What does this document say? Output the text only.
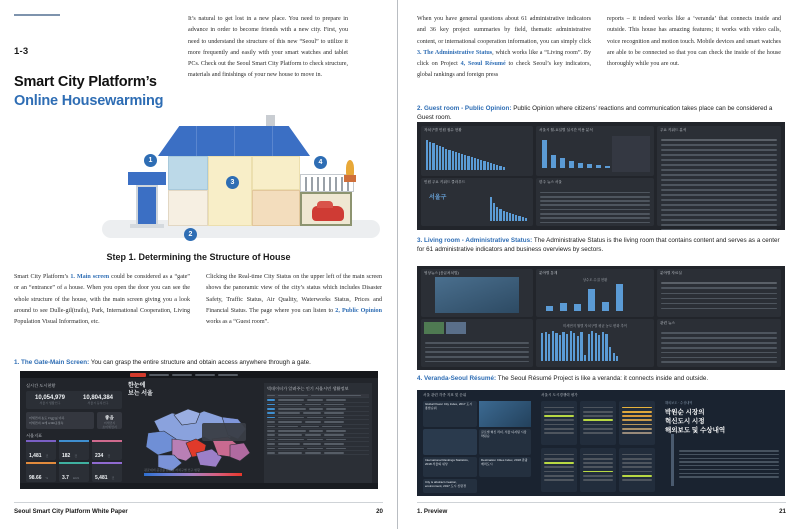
1-3
Smart City Platform’s
Online Housewarming
It’s natural to get lost in a new place. You need to prepare in advance in order to become friends with a new city. First, you need to understand the structure of this new “Seoul” to utilize it more frequently and easily with your smart watches and tablet PCs. Check out the Seoul Smart City Platform to check structure, materials and finishings of your new house to move in.
1
2
3
4
Step 1. Determining the Structure of House
Smart City Platform’s 1. Main screen could be considered as a “gate” or an “entrance” of a house. When you open the door you can see the whole structure of the house, with the main screen giving you a look around to see Dulle-gil(trails), Park, International Cooperation, Living Population Visual Information, etc.
Clicking the Real-time City Status on the upper left of the main screen shows the panoramic view of the city’s status which includes Disaster Safety, Traffic Status, Air Quality, Waterworks Status, Prices and Financial Status. The page where you can listen to 2, Public Opinion works as a “Guest room”.
1. The Gate-Main Screen: You can grasp the entire structure and obtain access anywhere through a gate.
실시간 도시현황
10,054,979
서울시 생활인구
10,804,384
서울시 등록인구
미세먼지 농도 15㎍/㎥ 이하
미세먼지 12개 4,346곳접속
좋음
미세먼지
초미세먼지
서울지표
1,481 건	182 건	234 건
98.66 %	3.7 km/h	5,481 건
한눈에
보는 서울

평균대비 증감률 범위별 자치구별 인구 현황
빅데이터가 알려주는 인기 서울시민 생활정보
Seoul Smart City Platform White Paper	20
When you have general questions about 61 administrative indicators and 36 key project summaries by field, thematic administrative content, or international cooperation information, you can simply click 3. The Administrative Status, which works like a “Living room”. By click on Project 4, Seoul Résumé to check Seoul’s key indicators, global rankings and foreign press
reports – it indeed works like a ‘veranda’ that connects inside and outside. This house has amazing features; it works with video calls, voice recognition and motion touch. Mobile devices and smart watches are able to be connected so that you can check the inside of the house thoroughly while you are out.
2. Guest room - Public Opinion: Public Opinion where citizens’ reactions and communication takes place can be considered a Guest room.
자치구별 민원 접수 현황
민원 주요 키워드 클라우드
서울구
서울시 월-요일별 실시간 이용 분석
한주 뉴스 서울
주요 키워드 분석
3. Living room - Administrative Status: The Administrative Status is the living room that contains content and serves as a center for 61 administrative indicators and business overviews by sectors.
영상뉴스 (응급처치법)	분야별 통계
상수도 수질 현황
미세먼지 월별 자치구별 평균 농도 변화 추이
분야별 자료실
관련 뉴스
4. Veranda-Seoul Résumé: The Seoul Résumé Project is like a veranda: it connects inside and outside.
서울 관련 각종 지표 및 순위	서울시 도시경쟁력 평가
Global Power City Index, 2017 도시종합순위
글로벌 혁신 리더, 서울 디지털 시장 박원순
International Rankings Statistics, 2018 서울의 위상
Destination Cities Index, 2018 관광매력도시
City is abstract creation, environment, 2017 도시 친환경
해외보도 · 수상내역
박원순 시장의
혁신도시 시정
해외보도 및 수상내역
1. Preview	21
